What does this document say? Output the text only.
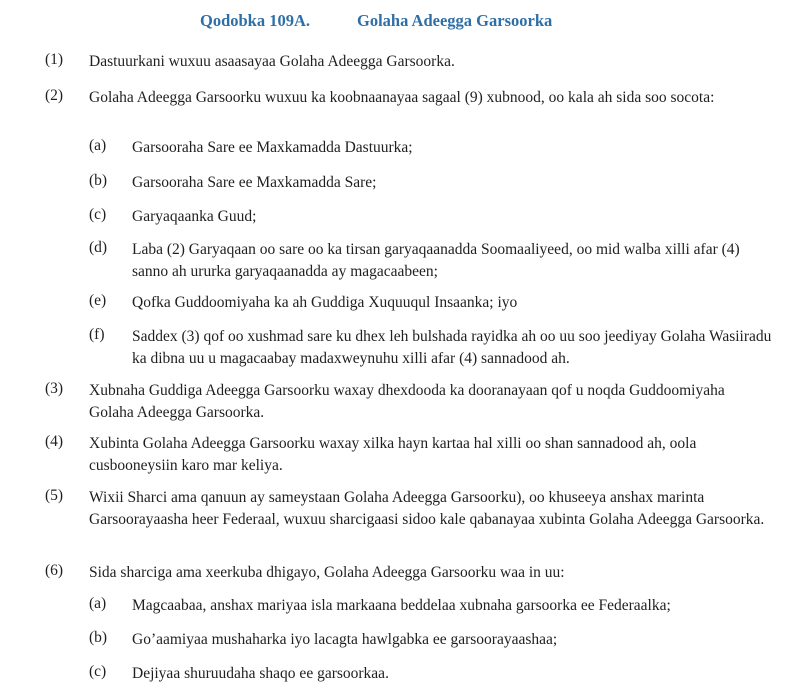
Qodobka 109A.	Golaha Adeegga Garsoorka
(1) Dastuurkani wuxuu asaasayaa Golaha Adeegga Garsoorka.
(2) Golaha Adeegga Garsoorku wuxuu ka koobnaanayaa sagaal (9) xubnood, oo kala ah sida soo socota:
(a) Garsooraha Sare ee Maxkamadda Dastuurka;
(b) Garsooraha Sare ee Maxkamadda Sare;
(c) Garyaqaanka Guud;
(d) Laba (2) Garyaqaan oo sare oo ka tirsan garyaqaanadda Soomaaliyeed, oo mid walba xilli afar (4) sanno ah ururka garyaqaanadda ay magacaabeen;
(e) Qofka Guddoomiyaha ka ah Guddiga Xuquuqul Insaanka; iyo
(f) Saddex (3) qof oo xushmad sare ku dhex leh bulshada rayidka ah oo uu soo jeediyay Golaha Wasiiradu ka dibna uu u magacaabay madaxweynuhu xilli afar (4) sannadood ah.
(3) Xubnaha Guddiga Adeegga Garsoorku waxay dhexdooda ka dooranayaan qof u noqda Guddoomiyaha Golaha Adeegga Garsoorka.
(4) Xubinta Golaha Adeegga Garsoorku waxay xilka hayn kartaa hal xilli oo shan sannadood ah, oola cusbooneysiin karo mar keliya.
(5) Wixii Sharci ama qanuun ay sameystaan Golaha Adeegga Garsoorku), oo khuseeya anshax marinta Garsoorayaasha heer Federaal, wuxuu sharcigaasi sidoo kale qabanayaa xubinta Golaha Adeegga Garsoorka.
(6) Sida sharciga ama xeerkuba dhigayo, Golaha Adeegga Garsoorku waa in uu:
(a) Magcaabaa, anshax mariyaa isla markaana beddelaa xubnaha garsoorka ee Federaalka;
(b) Go’aamiyaa mushaharka iyo lacagta hawlgabka ee garsoorayaashaa;
(c) Dejiyaa shuruudaha shaqo ee garsoorkaa.
